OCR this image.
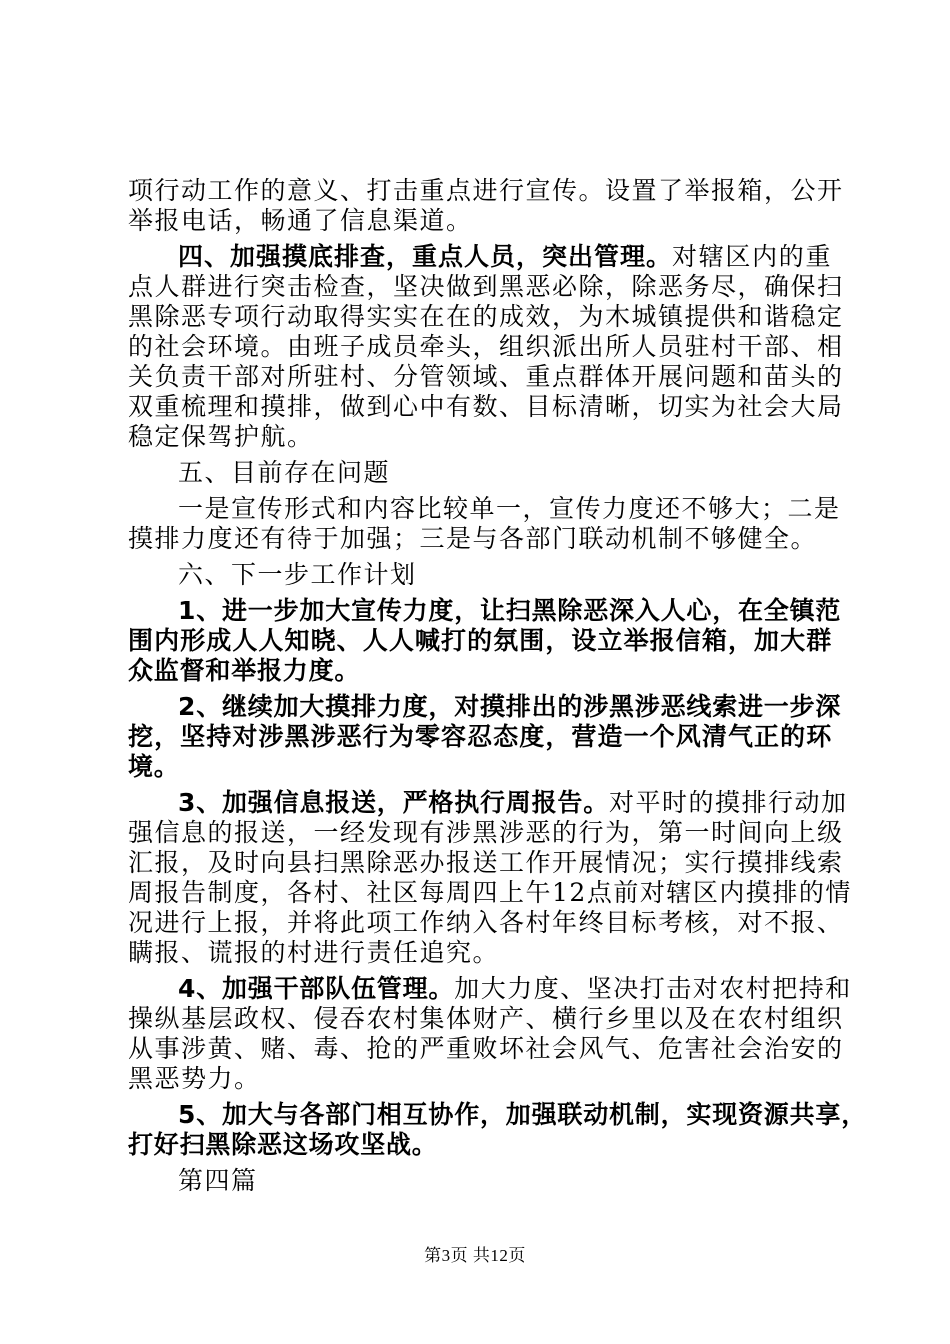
项行动工作的意义、打击重点进行宣传。设置了举报箱，公开
举报电话，畅通了信息渠道。
四、加强摸底排查，重点人员，突出管理。对辖区内的重
点人群进行突击检查，坚决做到黑恶必除，除恶务尽，确保扫
黑除恶专项行动取得实实在在的成效，为木城镇提供和谐稳定
的社会环境。由班子成员牵头，组织派出所人员驻村干部、相
关负责干部对所驻村、分管领域、重点群体开展问题和苗头的
双重梳理和摸排，做到心中有数、目标清晰，切实为社会大局
稳定保驾护航。
五、目前存在问题
一是宣传形式和内容比较单一，宣传力度还不够大；二是
摸排力度还有待于加强；三是与各部门联动机制不够健全。
六、下一步工作计划
1、进一步加大宣传力度，让扫黑除恶深入人心，在全镇范
围内形成人人知晓、人人喊打的氛围，设立举报信箱，加大群
众监督和举报力度。
2、继续加大摸排力度，对摸排出的涉黑涉恶线索进一步深
挖，坚持对涉黑涉恶行为零容忍态度，营造一个风清气正的环
境。
3、加强信息报送，严格执行周报告。对平时的摸排行动加
强信息的报送，一经发现有涉黑涉恶的行为，第一时间向上级
汇报，及时向县扫黑除恶办报送工作开展情况；实行摸排线索
周报告制度，各村、社区每周四上午12点前对辖区内摸排的情
况进行上报，并将此项工作纳入各村年终目标考核，对不报、
瞒报、谎报的村进行责任追究。
4、加强干部队伍管理。加大力度、坚决打击对农村把持和
操纵基层政权、侵吞农村集体财产、横行乡里以及在农村组织
从事涉黄、赌、毒、抢的严重败坏社会风气、危害社会治安的
黑恶势力。
5、加大与各部门相互协作，加强联动机制，实现资源共享，
打好扫黑除恶这场攻坚战。
第四篇
第3页 共12页
